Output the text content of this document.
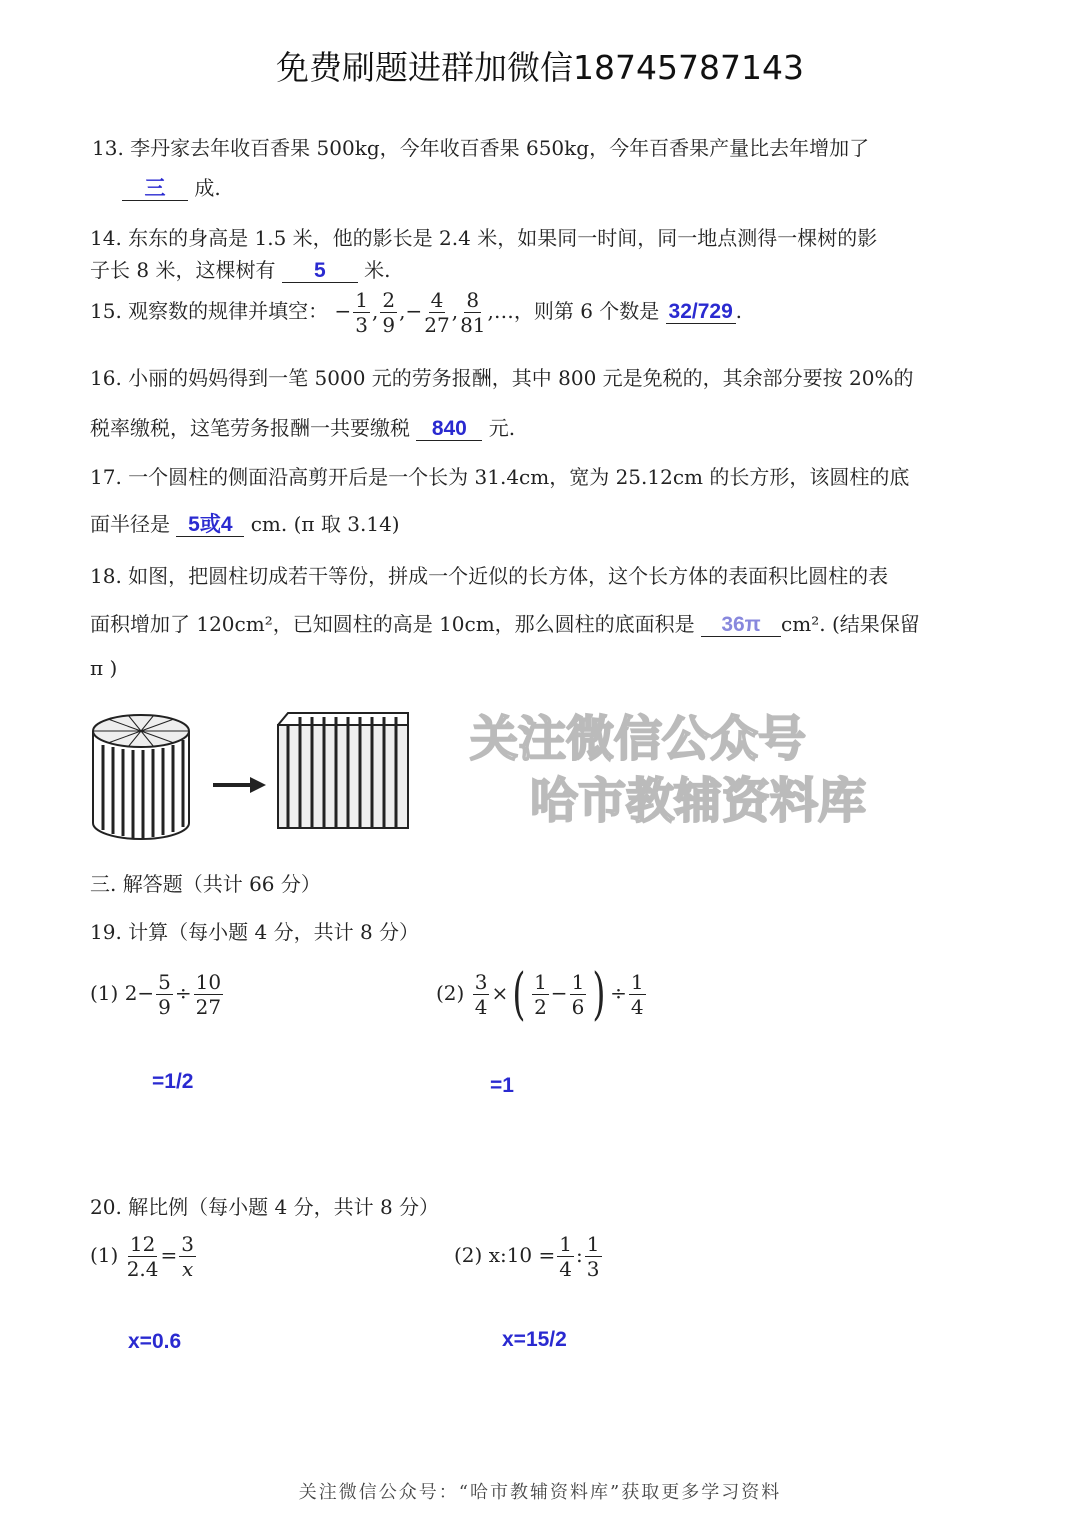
免费刷题进群加微信18745787143
13. 李丹家去年收百香果 500kg，今年收百香果 650kg，今年百香果产量比去年增加了
三 成.
14. 东东的身高是 1.5 米，他的影长是 2.4 米，如果同一时间，同一地点测得一棵树的影
子长 8 米，这棵树有 5 米.
15. 观察数的规律并填空： − $\frac{1}{3}$ , $\frac{2}{9}$ ,− $\frac{4}{27}$ , $\frac{8}{81}$ ,…，则第 6 个数是 32/729 .
16. 小丽的妈妈得到一笔 5000 元的劳务报酬，其中 800 元是免税的，其余部分要按 20%的
税率缴税，这笔劳务报酬一共要缴税 840 元.
17. 一个圆柱的侧面沿高剪开后是一个长为 31.4cm，宽为 25.12cm 的长方形，该圆柱的底
面半径是 5或4 cm. (π 取 3.14)
18. 如图，把圆柱切成若干等份，拼成一个近似的长方体，这个长方体的表面积比圆柱的表
面积增加了 120cm²，已知圆柱的高是 10cm，那么圆柱的底面积是 36π cm². (结果保留
π )
关注微信公众号
哈市教辅资料库
三. 解答题（共计 66 分）
19. 计算（每小题 4 分，共计 8 分）
(1) $2- \frac{5}{9} \div \frac{10}{27}$	$(2) \frac{3}{4}$ ×( $\frac{1}{2} - \frac{1}{6}$ ) ÷ $\frac{1}{4}$
=1/2	=1
20. 解比例（每小题 4 分，共计 8 分）
$(1) \frac{12}{2.4} = \frac{3}{x}$	(2) x:10 = $\frac{1}{4}$ : $\frac{1}{3}$
x=0.6	x=15/2
关注微信公众号：“哈市教辅资料库”获取更多学习资料
